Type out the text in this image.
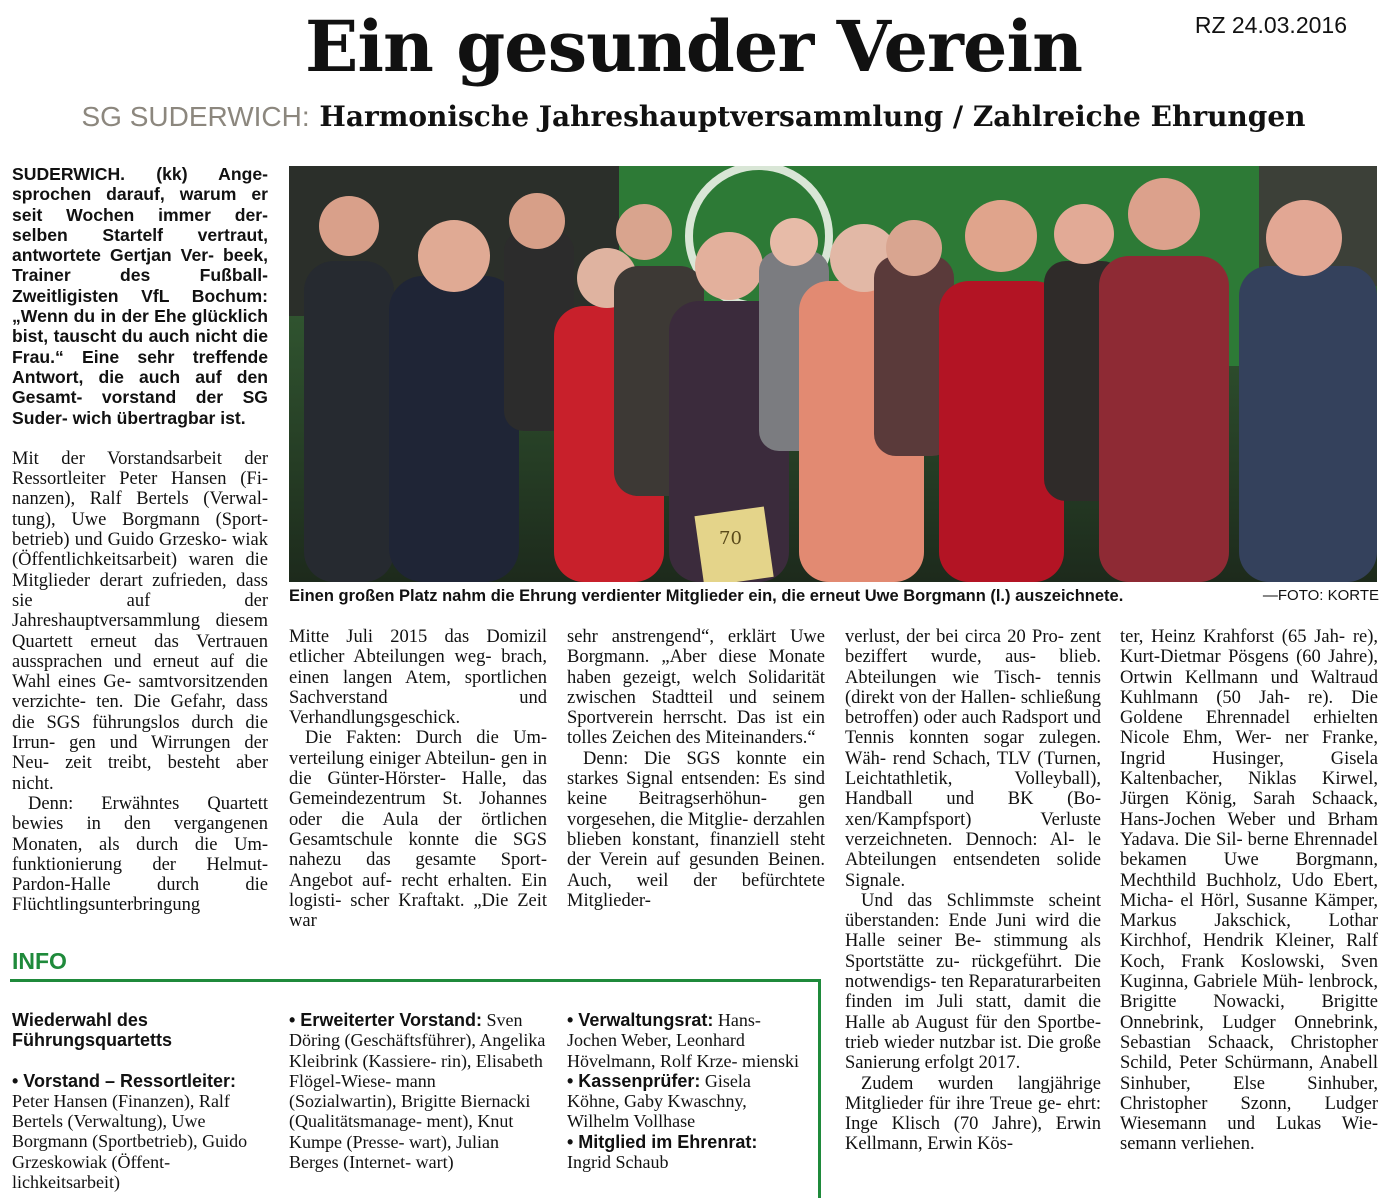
Ein gesunder Verein	RZ 24.03.2016
SG SUDERWICH: Harmonische Jahreshauptversammlung / Zahlreiche Ehrungen

SUDERWICH. (kk) Ange- sprochen darauf, warum er seit Wochen immer der- selben Startelf vertraut, antwortete Gertjan Ver- beek, Trainer des Fußball- Zweitligisten VfL Bochum: „Wenn du in der Ehe glücklich bist, tauscht du auch nicht die Frau.“ Eine sehr treffende Antwort, die auch auf den Gesamt- vorstand der SG Suder- wich übertragbar ist.

Mit der Vorstandsarbeit der Ressortleiter Peter Hansen (Fi- nanzen), Ralf Bertels (Verwal- tung), Uwe Borgmann (Sport- betrieb) und Guido Grzesko- wiak (Öffentlichkeitsarbeit) waren die Mitglieder derart zufrieden, dass sie auf der Jahreshauptversammlung diesem Quartett erneut das Vertrauen aussprachen und erneut auf die Wahl eines Ge- samtvorsitzenden verzichte- ten. Die Gefahr, dass die SGS führungslos durch die Irrun- gen und Wirrungen der Neu- zeit treibt, besteht aber nicht.

Denn: Erwähntes Quartett bewies in den vergangenen Monaten, als durch die Um- funktionierung der Helmut- Pardon-Halle durch die Flüchtlingsunterbringung

70
Einen großen Platz nahm die Ehrung verdienter Mitglieder ein, die erneut Uwe Borgmann (l.) auszeichnete.	—FOTO: KORTE

Mitte Juli 2015 das Domizil etlicher Abteilungen weg- brach, einen langen Atem, sportlichen Sachverstand und Verhandlungsgeschick.

Die Fakten: Durch die Um- verteilung einiger Abteilun- gen in die Günter-Hörster- Halle, das Gemeindezentrum St. Johannes oder die Aula der örtlichen Gesamtschule konnte die SGS nahezu das gesamte Sport-Angebot auf- recht erhalten. Ein logisti- scher Kraftakt. „Die Zeit war

sehr anstrengend“, erklärt Uwe Borgmann. „Aber diese Monate haben gezeigt, welch Solidarität zwischen Stadtteil und seinem Sportverein herrscht. Das ist ein tolles Zeichen des Miteinanders.“

Denn: Die SGS konnte ein starkes Signal entsenden: Es sind keine Beitragserhöhun- gen vorgesehen, die Mitglie- derzahlen blieben konstant, finanziell steht der Verein auf gesunden Beinen. Auch, weil der befürchtete Mitglieder-

verlust, der bei circa 20 Pro- zent beziffert wurde, aus- blieb. Abteilungen wie Tisch- tennis (direkt von der Hallen- schließung betroffen) oder auch Radsport und Tennis konnten sogar zulegen. Wäh- rend Schach, TLV (Turnen, Leichtathletik, Volleyball), Handball und BK (Bo- xen/Kampfsport) Verluste verzeichneten. Dennoch: Al- le Abteilungen entsendeten solide Signale.

Und das Schlimmste scheint überstanden: Ende Juni wird die Halle seiner Be- stimmung als Sportstätte zu- rückgeführt. Die notwendigs- ten Reparaturarbeiten finden im Juli statt, damit die Halle ab August für den Sportbe- trieb wieder nutzbar ist. Die große Sanierung erfolgt 2017.

Zudem wurden langjährige Mitglieder für ihre Treue ge- ehrt: Inge Klisch (70 Jahre), Erwin Kellmann, Erwin Kös-

ter, Heinz Krahforst (65 Jah- re), Kurt-Dietmar Pösgens (60 Jahre), Ortwin Kellmann und Waltraud Kuhlmann (50 Jah- re). Die Goldene Ehrennadel erhielten Nicole Ehm, Wer- ner Franke, Ingrid Husinger, Gisela Kaltenbacher, Niklas Kirwel, Jürgen König, Sarah Schaack, Hans-Jochen Weber und Brham Yadava. Die Sil- berne Ehrennadel bekamen Uwe Borgmann, Mechthild Buchholz, Udo Ebert, Micha- el Hörl, Susanne Kämper, Markus Jakschick, Lothar Kirchhof, Hendrik Kleiner, Ralf Koch, Frank Koslowski, Sven Kuginna, Gabriele Müh- lenbrock, Brigitte Nowacki, Brigitte Onnebrink, Ludger Onnebrink, Sebastian Schaack, Christopher Schild, Peter Schürmann, Anabell Sinhuber, Else Sinhuber, Christopher Szonn, Ludger Wiesemann und Lukas Wie- semann verliehen.

INFO

Wiederwahl des Führungsquartetts

• Vorstand – Ressortleiter: Peter Hansen (Finanzen), Ralf Bertels (Verwaltung), Uwe Borgmann (Sportbetrieb), Guido Grzeskowiak (Öffent- lichkeitsarbeit)

• Erweiterter Vorstand: Sven Döring (Geschäftsführer), Angelika Kleibrink (Kassiere- rin), Elisabeth Flögel-Wiese- mann (Sozialwartin), Brigitte Biernacki (Qualitätsmanage- ment), Knut Kumpe (Presse- wart), Julian Berges (Internet- wart)

• Verwaltungsrat: Hans- Jochen Weber, Leonhard Hövelmann, Rolf Krze- mienski

• Kassenprüfer: Gisela Köhne, Gaby Kwaschny, Wilhelm Vollhase

• Mitglied im Ehrenrat: Ingrid Schaub
